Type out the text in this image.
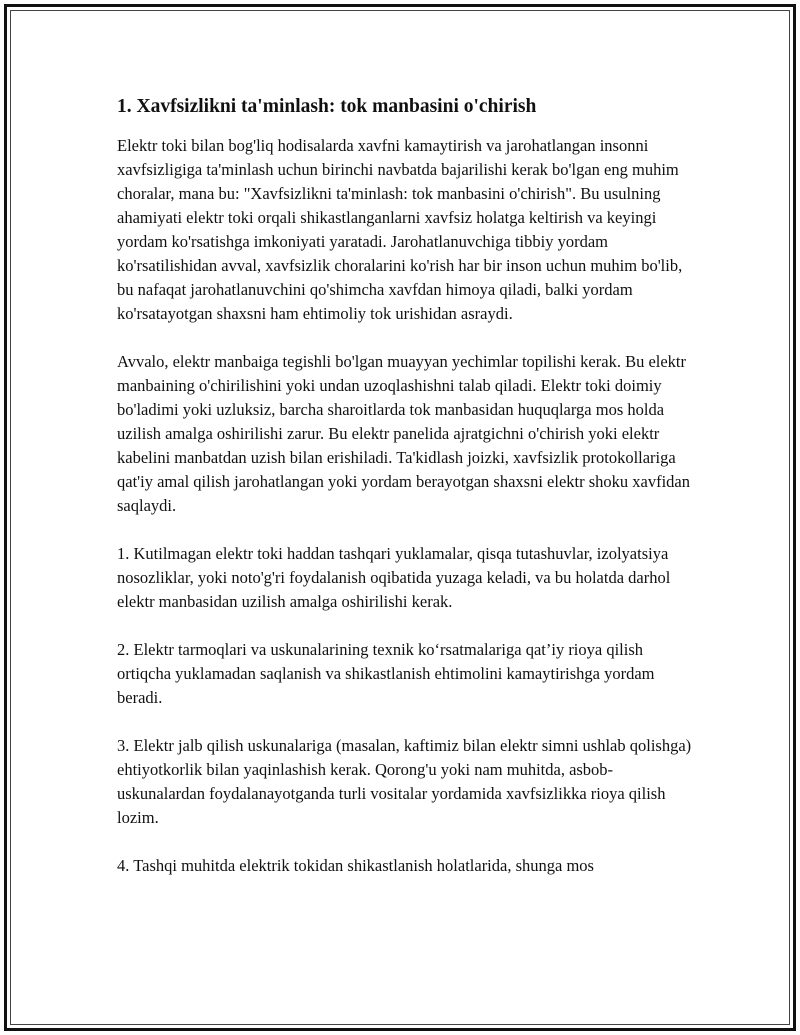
1. Xavfsizlikni ta'minlash: tok manbasini o'chirish

Elektr toki bilan bog'liq hodisalarda xavfni kamaytirish va jarohatlangan insonni xavfsizligiga ta'minlash uchun birinchi navbatda bajarilishi kerak bo'lgan eng muhim choralar, mana bu: "Xavfsizlikni ta'minlash: tok manbasini o'chirish". Bu usulning ahamiyati elektr toki orqali shikastlanganlarni xavfsiz holatga keltirish va keyingi yordam ko'rsatishga imkoniyati yaratadi. Jarohatlanuvchiga tibbiy yordam ko'rsatilishidan avval, xavfsizlik choralarini ko'rish har bir inson uchun muhim bo'lib, bu nafaqat jarohatlanuvchini qo'shimcha xavfdan himoya qiladi, balki yordam ko'rsatayotgan shaxsni ham ehtimoliy tok urishidan asraydi.

Avvalo, elektr manbaiga tegishli bo'lgan muayyan yechimlar topilishi kerak. Bu elektr manbaining o'chirilishini yoki undan uzoqlashishni talab qiladi. Elektr toki doimiy bo'ladimi yoki uzluksiz, barcha sharoitlarda tok manbasidan huquqlarga mos holda uzilish amalga oshirilishi zarur. Bu elektr panelida ajratgichni o'chirish yoki elektr kabelini manbatdan uzish bilan erishiladi. Ta'kidlash joizki, xavfsizlik protokollariga qat'iy amal qilish jarohatlangan yoki yordam berayotgan shaxsni elektr shoku xavfidan saqlaydi.

1. Kutilmagan elektr toki haddan tashqari yuklamalar, qisqa tutashuvlar, izolyatsiya nosozliklar, yoki noto'g'ri foydalanish oqibatida yuzaga keladi, va bu holatda darhol elektr manbasidan uzilish amalga oshirilishi kerak.

2. Elektr tarmoqlari va uskunalarining texnik ko‘rsatmalariga qat’iy rioya qilish ortiqcha yuklamadan saqlanish va shikastlanish ehtimolini kamaytirishga yordam beradi.

3. Elektr jalb qilish uskunalariga (masalan, kaftimiz bilan elektr simni ushlab qolishga) ehtiyotkorlik bilan yaqinlashish kerak. Qorong'u yoki nam muhitda, asbob-uskunalardan foydalanayotganda turli vositalar yordamida xavfsizlikka rioya qilish lozim.

4. Tashqi muhitda elektrik tokidan shikastlanish holatlarida, shunga mos
